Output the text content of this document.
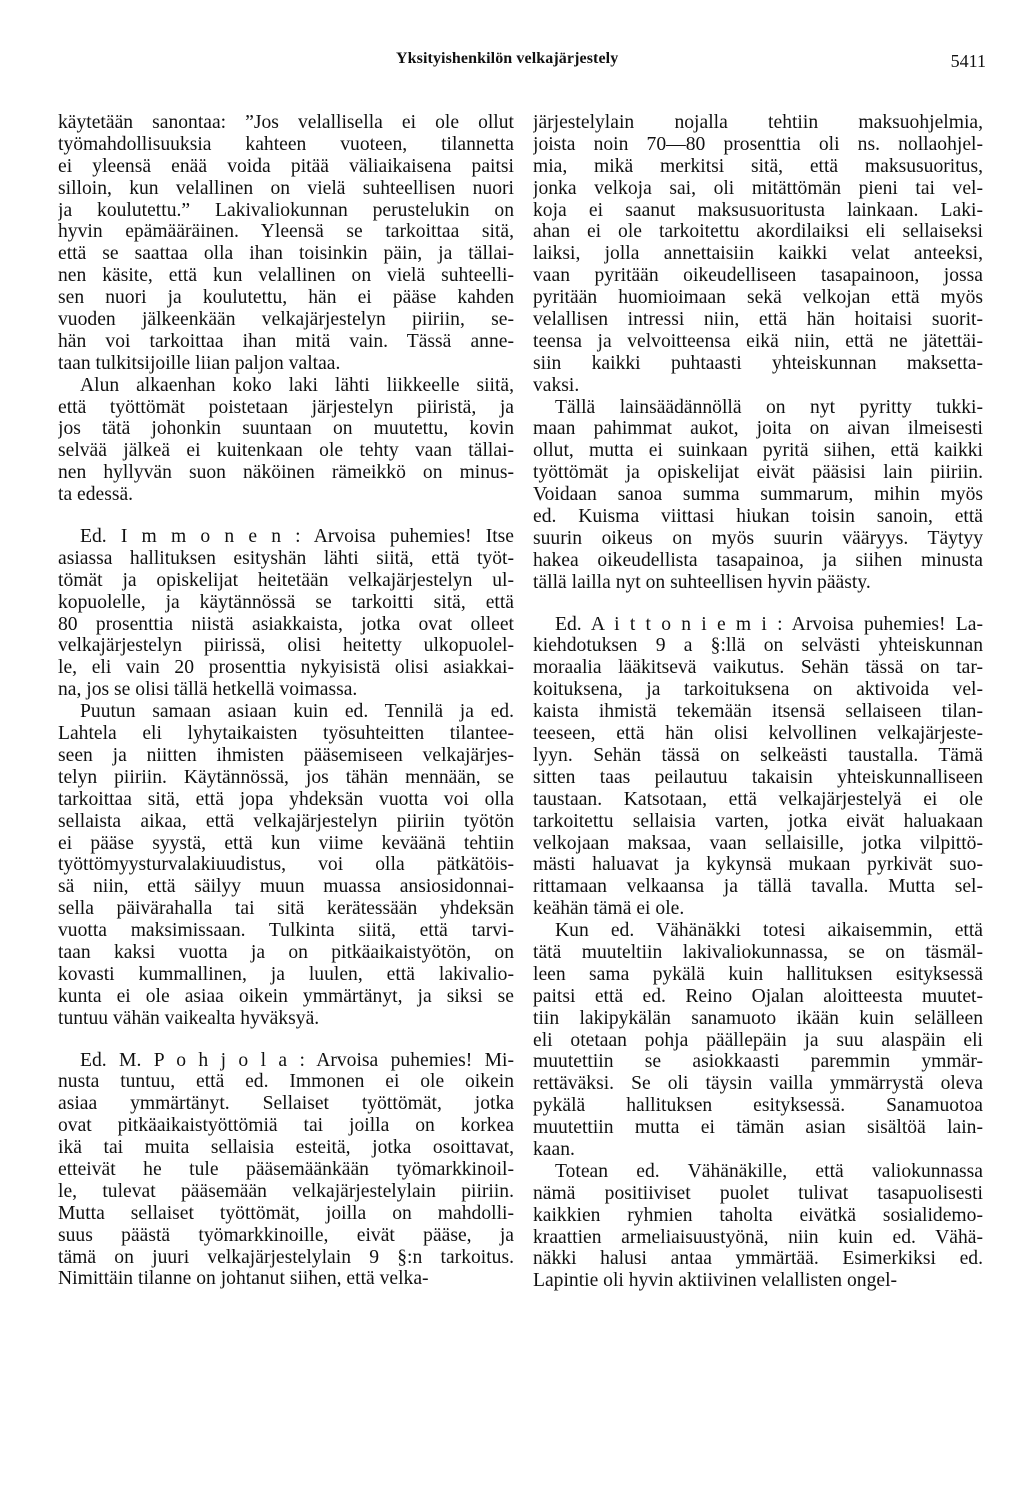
Yksityishenkilön velkajärjestely	5411
käytetään sanontaa: ”Jos velallisella ei ole ollut
työmahdollisuuksia kahteen vuoteen, tilannetta
ei yleensä enää voida pitää väliaikaisena paitsi
silloin, kun velallinen on vielä suhteellisen nuori
ja koulutettu.” Lakivaliokunnan perustelukin on
hyvin epämääräinen. Yleensä se tarkoittaa sitä,
että se saattaa olla ihan toisinkin päin, ja tällai-
nen käsite, että kun velallinen on vielä suhteelli-
sen nuori ja koulutettu, hän ei pääse kahden
vuoden jälkeenkään velkajärjestelyn piiriin, se-
hän voi tarkoittaa ihan mitä vain. Tässä anne-
taan tulkitsijoille liian paljon valtaa.
Alun alkaenhan koko laki lähti liikkeelle siitä,
että työttömät poistetaan järjestelyn piiristä, ja
jos tätä johonkin suuntaan on muutettu, kovin
selvää jälkeä ei kuitenkaan ole tehty vaan tällai-
nen hyllyvän suon näköinen rämeikkö on minus-
ta edessä.
Ed. I m m o n e n : Arvoisa puhemies! Itse
asiassa hallituksen esityshän lähti siitä, että työt-
tömät ja opiskelijat heitetään velkajärjestelyn ul-
kopuolelle, ja käytännössä se tarkoitti sitä, että
80 prosenttia niistä asiakkaista, jotka ovat olleet
velkajärjestelyn piirissä, olisi heitetty ulkopuolel-
le, eli vain 20 prosenttia nykyisistä olisi asiakkai-
na, jos se olisi tällä hetkellä voimassa.
Puutun samaan asiaan kuin ed. Tennilä ja ed.
Lahtela eli lyhytaikaisten työsuhteitten tilantee-
seen ja niitten ihmisten pääsemiseen velkajärjes-
telyn piiriin. Käytännössä, jos tähän mennään, se
tarkoittaa sitä, että jopa yhdeksän vuotta voi olla
sellaista aikaa, että velkajärjestelyn piiriin työtön
ei pääse syystä, että kun viime keväänä tehtiin
työttömyysturvalakiuudistus, voi olla pätkätöis-
sä niin, että säilyy muun muassa ansiosidonnai-
sella päivärahalla tai sitä kerätessään yhdeksän
vuotta maksimissaan. Tulkinta siitä, että tarvi-
taan kaksi vuotta ja on pitkäaikaistyötön, on
kovasti kummallinen, ja luulen, että lakivalio-
kunta ei ole asiaa oikein ymmärtänyt, ja siksi se
tuntuu vähän vaikealta hyväksyä.
Ed. M. P o h j o l a : Arvoisa puhemies! Mi-
nusta tuntuu, että ed. Immonen ei ole oikein
asiaa ymmärtänyt. Sellaiset työttömät, jotka
ovat pitkäaikaistyöttömiä tai joilla on korkea
ikä tai muita sellaisia esteitä, jotka osoittavat,
etteivät he tule pääsemäänkään työmarkkinoil-
le, tulevat pääsemään velkajärjestelylain piiriin.
Mutta sellaiset työttömät, joilla on mahdolli-
suus päästä työmarkkinoille, eivät pääse, ja
tämä on juuri velkajärjestelylain 9 §:n tarkoitus.
Nimittäin tilanne on johtanut siihen, että velka-
järjestelylain nojalla tehtiin maksuohjelmia,
joista noin 70—80 prosenttia oli ns. nollaohjel-
mia, mikä merkitsi sitä, että maksusuoritus,
jonka velkoja sai, oli mitättömän pieni tai vel-
koja ei saanut maksusuoritusta lainkaan. Laki-
ahan ei ole tarkoitettu akordilaiksi eli sellaiseksi
laiksi, jolla annettaisiin kaikki velat anteeksi,
vaan pyritään oikeudelliseen tasapainoon, jossa
pyritään huomioimaan sekä velkojan että myös
velallisen intressi niin, että hän hoitaisi suorit-
teensa ja velvoitteensa eikä niin, että ne jätettäi-
siin kaikki puhtaasti yhteiskunnan maksetta-
vaksi.
Tällä lainsäädännöllä on nyt pyritty tukki-
maan pahimmat aukot, joita on aivan ilmeisesti
ollut, mutta ei suinkaan pyritä siihen, että kaikki
työttömät ja opiskelijat eivät pääsisi lain piiriin.
Voidaan sanoa summa summarum, mihin myös
ed. Kuisma viittasi hiukan toisin sanoin, että
suurin oikeus on myös suurin vääryys. Täytyy
hakea oikeudellista tasapainoa, ja siihen minusta
tällä lailla nyt on suhteellisen hyvin päästy.
Ed. A i t t o n i e m i : Arvoisa puhemies! La-
kiehdotuksen 9 a §:llä on selvästi yhteiskunnan
moraalia lääkitsevä vaikutus. Sehän tässä on tar-
koituksena, ja tarkoituksena on aktivoida vel-
kaista ihmistä tekemään itsensä sellaiseen tilan-
teeseen, että hän olisi kelvollinen velkajärjeste-
lyyn. Sehän tässä on selkeästi taustalla. Tämä
sitten taas peilautuu takaisin yhteiskunnalliseen
taustaan. Katsotaan, että velkajärjestelyä ei ole
tarkoitettu sellaisia varten, jotka eivät haluakaan
velkojaan maksaa, vaan sellaisille, jotka vilpittö-
mästi haluavat ja kykynsä mukaan pyrkivät suo-
rittamaan velkaansa ja tällä tavalla. Mutta sel-
keähän tämä ei ole.
Kun ed. Vähänäkki totesi aikaisemmin, että
tätä muuteltiin lakivaliokunnassa, se on täsmäl-
leen sama pykälä kuin hallituksen esityksessä
paitsi että ed. Reino Ojalan aloitteesta muutet-
tiin lakipykälän sanamuoto ikään kuin selälleen
eli otetaan pohja päällepäin ja suu alaspäin eli
muutettiin se asiokkaasti paremmin ymmär-
rettäväksi. Se oli täysin vailla ymmärrystä oleva
pykälä hallituksen esityksessä. Sanamuotoa
muutettiin mutta ei tämän asian sisältöä lain-
kaan.
Totean ed. Vähänäkille, että valiokunnassa
nämä positiiviset puolet tulivat tasapuolisesti
kaikkien ryhmien taholta eivätkä sosialidemo-
kraattien armeliaisuustyönä, niin kuin ed. Vähä-
näkki halusi antaa ymmärtää. Esimerkiksi ed.
Lapintie oli hyvin aktiivinen velallisten ongel-
